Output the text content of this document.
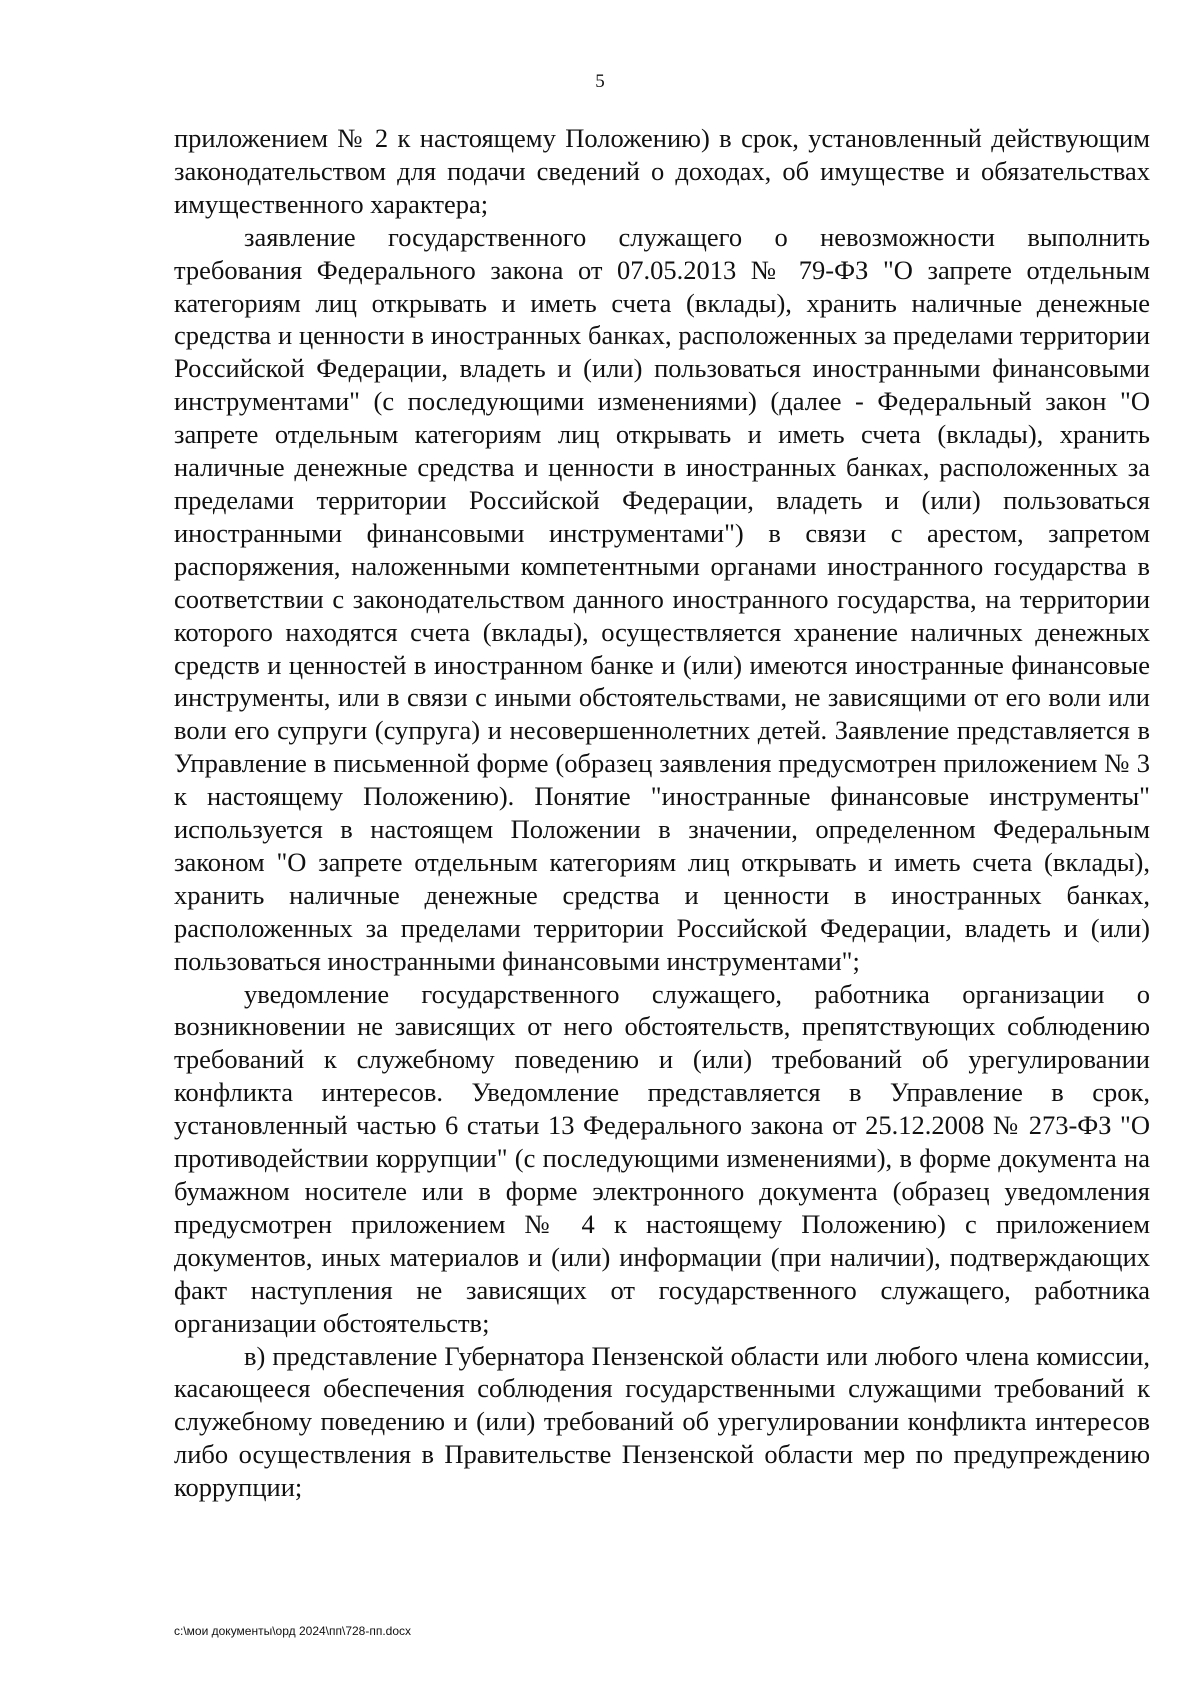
5

приложением № 2 к настоящему Положению) в срок, установленный действующим законодательством для подачи сведений о доходах, об имуществе и обязательствах имущественного характера;

заявление государственного служащего о невозможности выполнить требования Федерального закона от 07.05.2013 № 79-ФЗ "О запрете отдельным категориям лиц открывать и иметь счета (вклады), хранить наличные денежные средства и ценности в иностранных банках, расположенных за пределами территории Российской Федерации, владеть и (или) пользоваться иностранными финансовыми инструментами" (с последующими изменениями) (далее - Федеральный закон "О запрете отдельным категориям лиц открывать и иметь счета (вклады), хранить наличные денежные средства и ценности в иностранных банках, расположенных за пределами территории Российской Федерации, владеть и (или) пользоваться иностранными финансовыми инструментами") в связи с арестом, запретом распоряжения, наложенными компетентными органами иностранного государства в соответствии с законодательством данного иностранного государства, на территории которого находятся счета (вклады), осуществляется хранение наличных денежных средств и ценностей в иностранном банке и (или) имеются иностранные финансовые инструменты, или в связи с иными обстоятельствами, не зависящими от его воли или воли его супруги (супруга) и несовершеннолетних детей. Заявление представляется в Управление в письменной форме (образец заявления предусмотрен приложением № 3 к настоящему Положению). Понятие "иностранные финансовые инструменты" используется в настоящем Положении в значении, определенном Федеральным законом "О запрете отдельным категориям лиц открывать и иметь счета (вклады), хранить наличные денежные средства и ценности в иностранных банках, расположенных за пределами территории Российской Федерации, владеть и (или) пользоваться иностранными финансовыми инструментами";

уведомление государственного служащего, работника организации о возникновении не зависящих от него обстоятельств, препятствующих соблюдению требований к служебному поведению и (или) требований об урегулировании конфликта интересов. Уведомление представляется в Управление в срок, установленный частью 6 статьи 13 Федерального закона от 25.12.2008 № 273-ФЗ "О противодействии коррупции" (с последующими изменениями), в форме документа на бумажном носителе или в форме электронного документа (образец уведомления предусмотрен приложением № 4 к настоящему Положению) с приложением документов, иных материалов и (или) информации (при наличии), подтверждающих факт наступления не зависящих от государственного служащего, работника организации обстоятельств;

в) представление Губернатора Пензенской области или любого члена комиссии, касающееся обеспечения соблюдения государственными служащими требований к служебному поведению и (или) требований об урегулировании конфликта интересов либо осуществления в Правительстве Пензенской области мер по предупреждению коррупции;

c:\мои документы\орд 2024\пп\728-пп.docx
